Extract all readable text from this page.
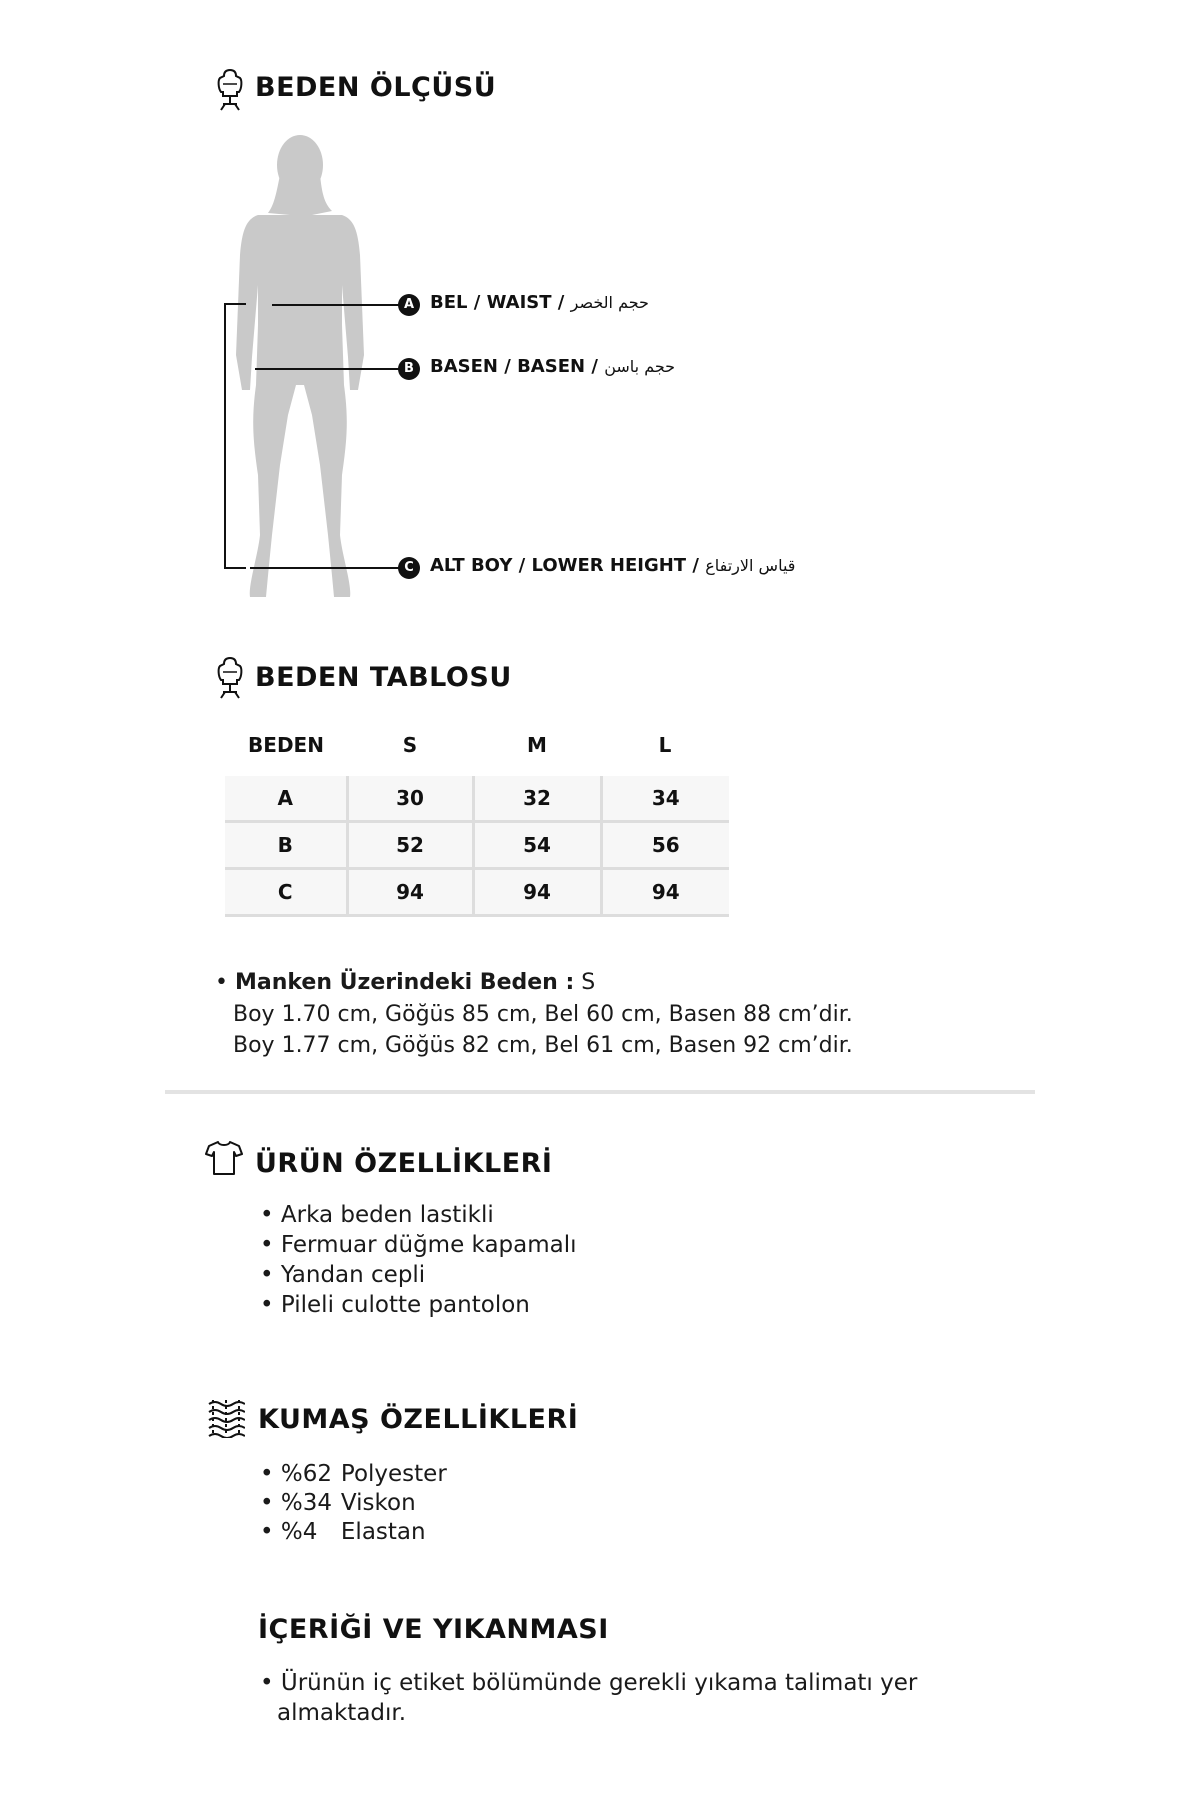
BEDEN ÖLÇÜSÜ
A BEL / WAIST / حجم الخصر
B BASEN / BASEN / حجم باسن
C ALT BOY / LOWER HEIGHT / قياس الارتفاع
BEDEN TABLOSU
BEDEN	S	M	L

A	30	32	34
B	52	54	56
C	94	94	94
• Manken Üzerindeki Beden : S
Boy 1.70 cm, Göğüs 85 cm, Bel 60 cm, Basen 88 cm’dir.
Boy 1.77 cm, Göğüs 82 cm, Bel 61 cm, Basen 92 cm’dir.
ÜRÜN ÖZELLİKLERİ
• Arka beden lastikli
• Fermuar düğme kapamalı
• Yandan cepli
• Pileli culotte pantolon
KUMAŞ ÖZELLİKLERİ
• %62 Polyester
• %34 Viskon
• %4 Elastan
İÇERİĞİ VE YIKANMASI
• Ürünün iç etiket bölümünde gerekli yıkama talimatı yer
almaktadır.
